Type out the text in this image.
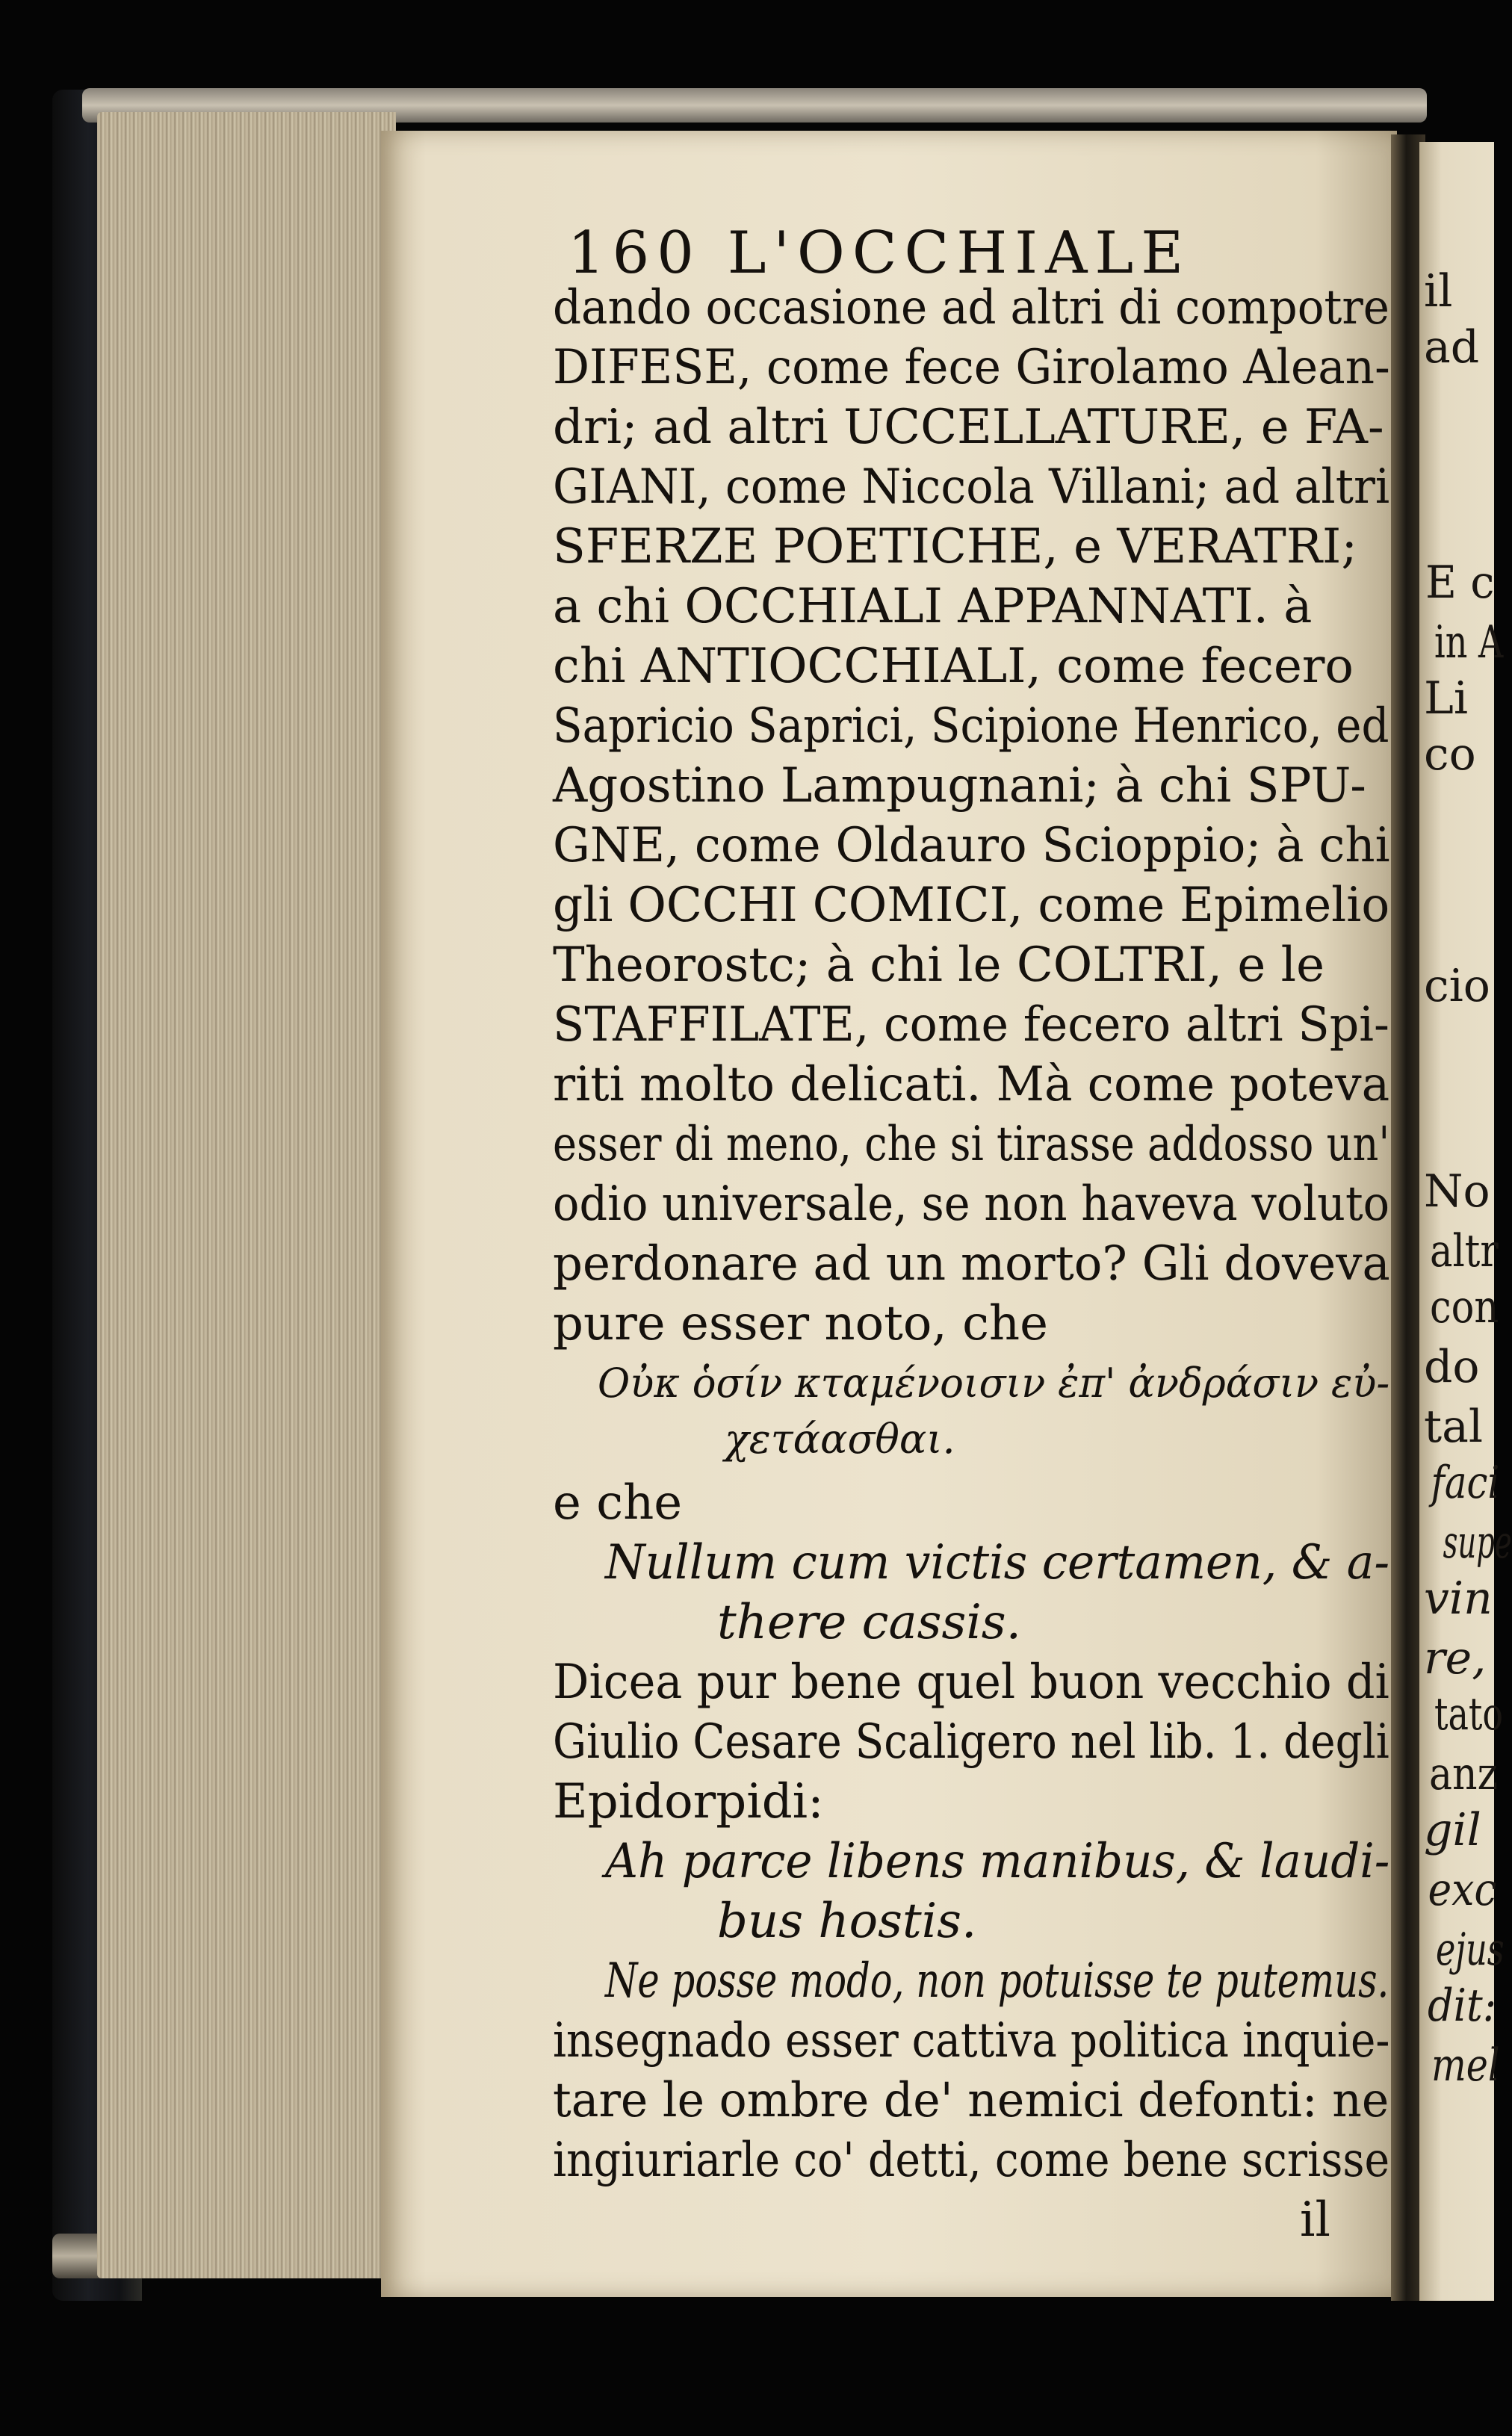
il
ad
E c
in A
Li
co
cio
No
altr
con
do
tal
faci
supe
vin
re,
tato
anz
gil
exc
ejus
dit:
mel
160 L'OCCHIALE
dando occasione ad altri di compotre
DIFESE, come fece Girolamo Alean-
dri; ad altri UCCELLATURE, e FA-
GIANI, come Niccola Villani; ad altri
SFERZE POETICHE, e VERATRI;
a chi OCCHIALI APPANNATI. à
chi ANTIOCCHIALI, come fecero
Sapricio Saprici, Scipione Henrico, ed
Agostino Lampugnani; à chi SPU-
GNE, come Oldauro Scioppio; à chi
gli OCCHI COMICI, come Epimelio
Theorostc; à chi le COLTRI, e le
STAFFILATE, come fecero altri Spi-
riti molto delicati. Mà come poteva
esser di meno, che si tirasse addosso un'
odio universale, se non haveva voluto
perdonare ad un morto? Gli doveva
pure esser noto, che
Οὐκ ὁσίν κταμένοισιν ἐπ' ἀνδράσιν εὐ-
χετάασθαι.
e che
Nullum cum victis certamen, & a-
there cassis.
Dicea pur bene quel buon vecchio di
Giulio Cesare Scaligero nel lib. 1. degli
Epidorpidi:
Ah parce libens manibus, & laudi-
bus hostis.
Ne posse modo, non potuisse te putemus.
insegnado esser cattiva politica inquie-
tare le ombre de' nemici defonti: ne
ingiuriarle co' detti, come bene scrisse
il
